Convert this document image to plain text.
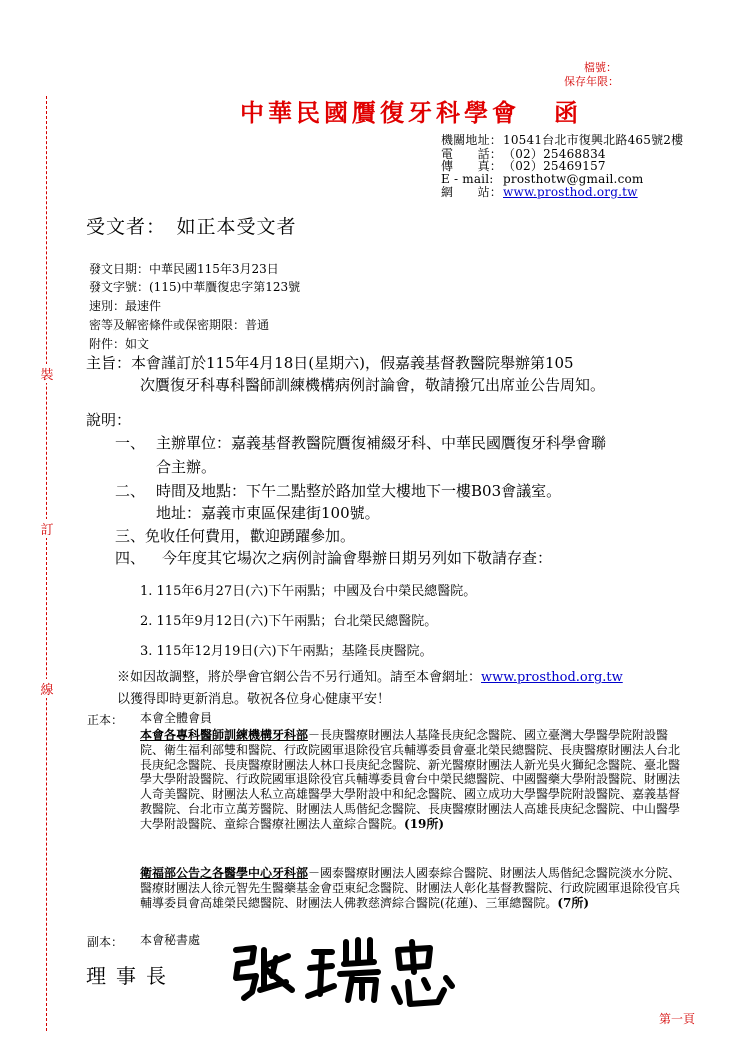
檔號：
保存年限：
中華民國贋復牙科學會 函
機關地址：10541台北市復興北路465號2樓
電　　話：（02）25468834
傳　　真：（02）25469157
E - mail: prosthotw@gmail.com
網　　站：www.prosthod.org.tw
裝
訂
線
受文者：　如正本受文者
發文日期：中華民國115年3月23日
發文字號：(115)中華贋復忠字第123號
速別：最速件
密等及解密條件或保密期限：普通
附件：如文
主旨：本會謹訂於115年4月18日(星期六)，假嘉義基督教醫院舉辦第105
次贋復牙科專科醫師訓練機構病例討論會，敬請撥冗出席並公告周知。
說明：
一、 主辦單位：嘉義基督教醫院贋復補綴牙科、中華民國贋復牙科學會聯
合主辦。
二、 時間及地點：下午二點整於路加堂大樓地下一樓B03會議室。
地址：嘉義市東區保建街100號。
三、免收任何費用，歡迎踴躍參加。
四、 今年度其它場次之病例討論會舉辦日期另列如下敬請存查：
1. 115年6月27日(六)下午兩點；中國及台中榮民總醫院。
2. 115年9月12日(六)下午兩點；台北榮民總醫院。
3. 115年12月19日(六)下午兩點；基隆長庚醫院。
※如因故調整，將於學會官網公告不另行通知。請至本會網址：www.prosthod.org.tw
以獲得即時更新消息。敬祝各位身心健康平安！
正本： 本會全體會員
本會各專科醫師訓練機構牙科部－長庚醫療財團法人基隆長庚紀念醫院、國立臺灣大學醫學院附設醫院、衛生福利部雙和醫院、行政院國軍退除役官兵輔導委員會臺北榮民總醫院、長庚醫療財團法人台北長庚紀念醫院、長庚醫療財團法人林口長庚紀念醫院、新光醫療財團法人新光吳火獅紀念醫院、臺北醫學大學附設醫院、行政院國軍退除役官兵輔導委員會台中榮民總醫院、中國醫藥大學附設醫院、財團法人奇美醫院、財團法人私立高雄醫學大學附設中和紀念醫院、國立成功大學醫學院附設醫院、嘉義基督教醫院、台北市立萬芳醫院、財團法人馬偕紀念醫院、長庚醫療財團法人高雄長庚紀念醫院、中山醫學大學附設醫院、童綜合醫療社團法人童綜合醫院。(19所)
衛福部公告之各醫學中心牙科部－國泰醫療財團法人國泰綜合醫院、財團法人馬偕紀念醫院淡水分院、醫療財團法人徐元智先生醫藥基金會亞東紀念醫院、財團法人彰化基督教醫院、行政院國軍退除役官兵輔導委員會高雄榮民總醫院、財團法人佛教慈濟綜合醫院(花蓮)、三軍總醫院。(7所)
副本： 本會秘書處
理事長
第一頁
